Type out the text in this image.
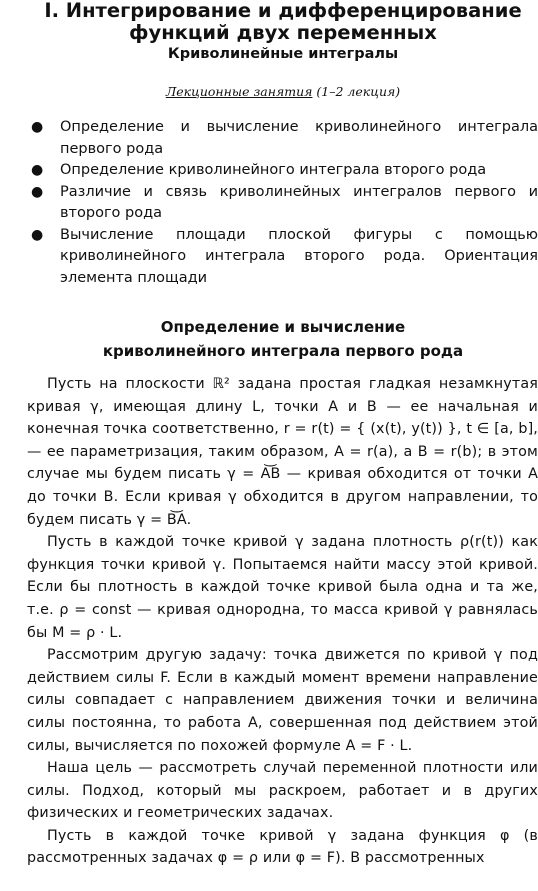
I. Интегрирование и дифференцирование
функций двух переменных
Криволинейные интегралы
Лекционные занятия (1–2 лекция)
● Определение и вычисление криволинейного интеграла первого рода
● Определение криволинейного интеграла второго рода
● Различие и связь криволинейных интегралов первого и второго рода
● Вычисление площади плоской фигуры с помощью криволинейного интеграла второго рода. Ориентация элемента площади
Определение и вычисление
криволинейного интеграла первого рода

Пусть на плоскости ℝ² задана простая гладкая незамкнутая кривая γ, имеющая длину L, точки A и B — ее начальная и конечная точка соответственно, r = r(t) = { (x(t), y(t)) }, t ∈ [a, b], — ее параметризация, таким образом, A = r(a), а B = r(b); в этом случае мы будем писать γ = A͝B — кривая обходится от точки A до точки B. Если кривая γ обходится в другом направлении, то будем писать γ = B͝A.

Пусть в каждой точке кривой γ задана плотность ρ(r(t)) как функция точки кривой γ. Попытаемся найти массу этой кривой. Если бы плотность в каждой точке кривой была одна и та же, т.е. ρ = const — кривая однородна, то масса кривой γ равнялась бы M = ρ · L.

Рассмотрим другую задачу: точка движется по кривой γ под действием силы F. Если в каждый момент времени направление силы совпадает с направлением движения точки и величина силы постоянна, то работа A, совершенная под действием этой силы, вычисляется по похожей формуле A = F · L.

Наша цель — рассмотреть случай переменной плотности или силы. Подход, который мы раскроем, работает и в других физических и геометрических задачах.

Пусть в каждой точке кривой γ задана функция φ (в рассмотренных задачах φ = ρ или φ = F). В рассмотренных
